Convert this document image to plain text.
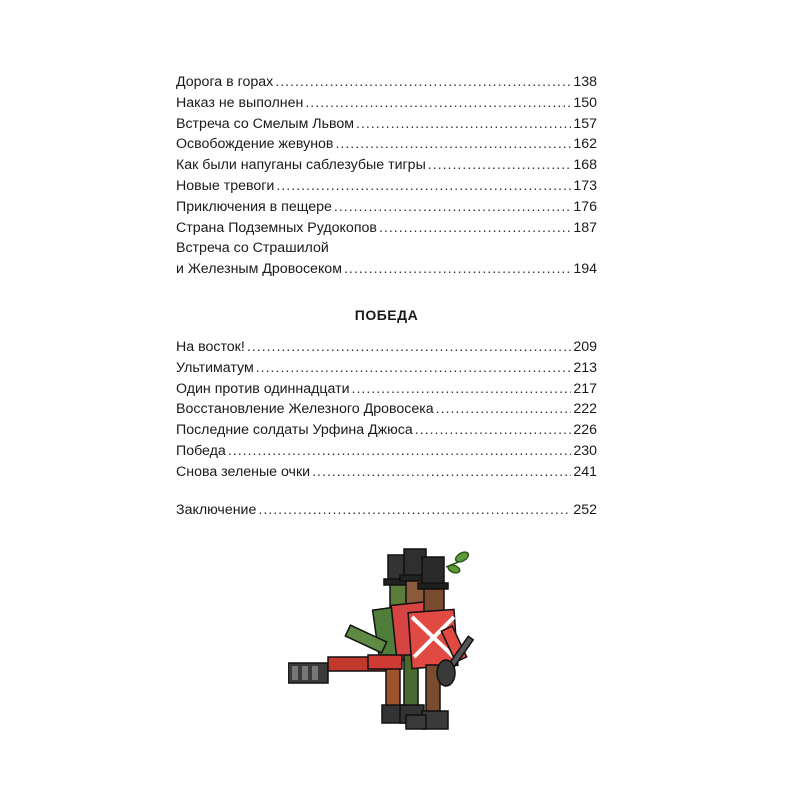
Дорога в горах .....	138
Наказ не выполнен .....	150
Встреча со Смелым Львом .....	157
Освобождение жевунов .....	162
Как были напуганы саблезубые тигры .....	168
Новые тревоги .....	173
Приключения в пещере .....	176
Страна Подземных Рудокопов .....	187
Встреча со Страшилой
и Железным Дровосеком .....	194
ПОБЕДА
На восток! .....	209
Ультиматум .....	213
Один против одиннадцати .....	217
Восстановление Железного Дровосека .....	222
Последние солдаты Урфина Джюса .....	226
Победа .....	230
Снова зеленые очки .....	241
Заключение .....	252
